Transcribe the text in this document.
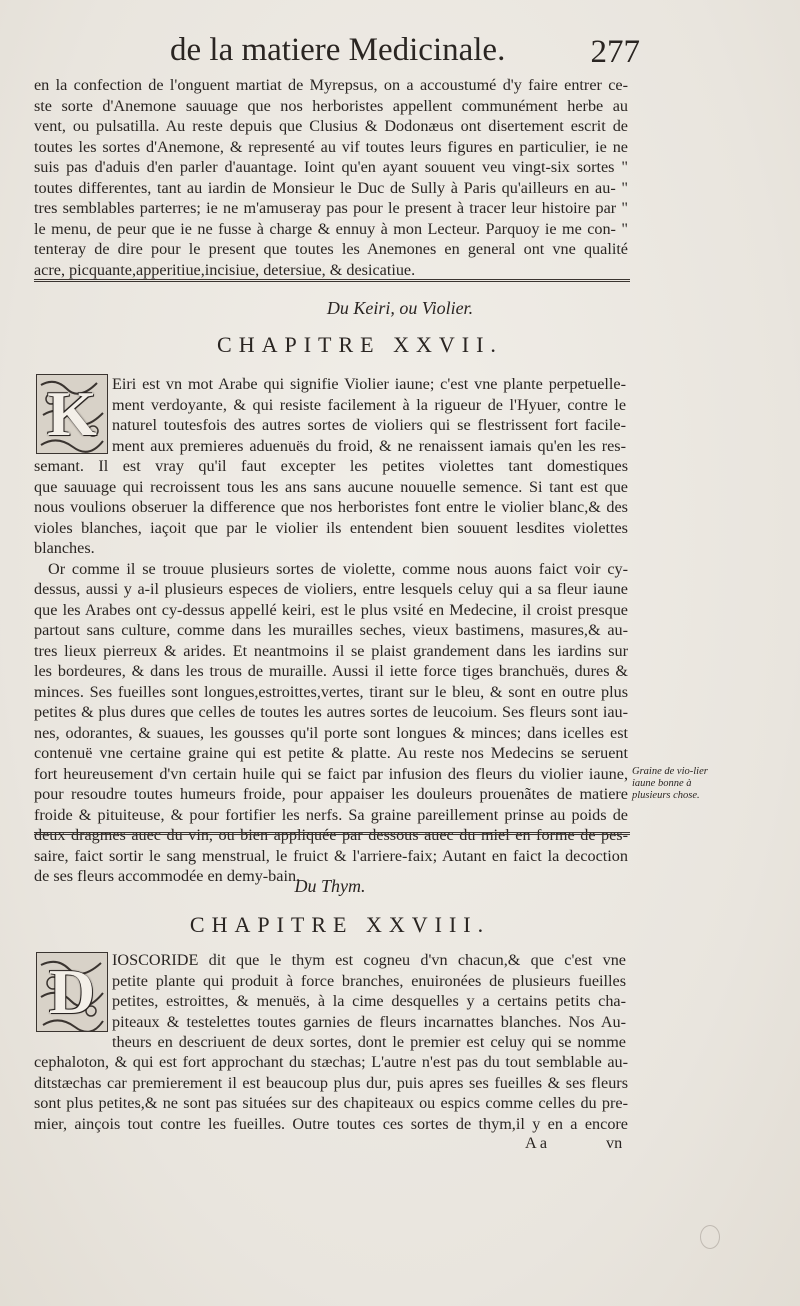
de la matiere Medicinale.	277
en la confection de l'onguent martiat de Myrepsus, on a accoustumé d'y faire entrer ce-
ste sorte d'Anemone sauuage que nos herboristes appellent communément herbe au
vent, ou pulsatilla. Au reste depuis que Clusius & Dodonæus ont disertement escrit de
toutes les sortes d'Anemone, & representé au vif toutes leurs figures en particulier, ie ne
suis pas d'aduis d'en parler d'auantage. Ioint qu'en ayant souuent veu vingt-six sortes "
toutes differentes, tant au iardin de Monsieur le Duc de Sully à Paris qu'ailleurs en au- "
tres semblables parterres; ie ne m'amuseray pas pour le present à tracer leur histoire par "
le menu, de peur que ie ne fusse à charge & ennuy à mon Lecteur. Parquoy ie me con- "
tenteray de dire pour le present que toutes les Anemones en general ont vne qualité
acre, picquante,apperitiue,incisiue, detersiue, & desicatiue.
Du Keiri, ou Violier.
CHAPITRE XXVII.
K Eiri est vn mot Arabe qui signifie Violier iaune; c'est vne plante perpetuelle-
ment verdoyante, & qui resiste facilement à la rigueur de l'Hyuer, contre le
naturel toutesfois des autres sortes de violiers qui se flestrissent fort facile-
ment aux premieres aduenuës du froid, & ne renaissent iamais qu'en les res-
semant. Il est vray qu'il faut excepter les petites violettes tant domestiques
que sauuage qui recroissent tous les ans sans aucune nouuelle semence. Si tant est que
nous voulions obseruer la difference que nos herboristes font entre le violier blanc,& des
violes blanches, iaçoit que par le violier ils entendent bien souuent lesdites violettes
blanches.
Or comme il se trouue plusieurs sortes de violette, comme nous auons faict voir cy-
dessus, aussi y a-il plusieurs especes de violiers, entre lesquels celuy qui a sa fleur iaune
que les Arabes ont cy-dessus appellé keiri, est le plus vsité en Medecine, il croist presque
partout sans culture, comme dans les murailles seches, vieux bastimens, masures,& au-
tres lieux pierreux & arides. Et neantmoins il se plaist grandement dans les iardins sur
les bordeures, & dans les trous de muraille. Aussi il iette force tiges branchuës, dures &
minces. Ses fueilles sont longues,estroittes,vertes, tirant sur le bleu, & sont en outre plus
petites & plus dures que celles de toutes les autres sortes de leucoium. Ses fleurs sont iau-
nes, odorantes, & suaues, les gousses qu'il porte sont longues & minces; dans icelles est
contenuë vne certaine graine qui est petite & platte. Au reste nos Medecins se seruent
fort heureusement d'vn certain huile qui se faict par infusion des fleurs du violier iaune,
pour resoudre toutes humeurs froide, pour appaiser les douleurs prouenãtes de matiere
froide & pituiteuse, & pour fortifier les nerfs. Sa graine pareillement prinse au poids de
deux dragmes auec du vin, ou bien appliquée par dessous auec du miel en forme de pes-
saire, faict sortir le sang menstrual, le fruict & l'arriere-faix; Autant en faict la decoction
de ses fleurs accommodée en demy-bain.
Graine de vio-lier iaune bonne à plusieurs chose.
Du Thym.
CHAPITRE XXVIII.
D	IOSCORIDE dit que le thym est cogneu d'vn chacun,& que c'est vne
petite plante qui produit à force branches, enuironées de plusieurs fueilles
petites, estroittes, & menuës, à la cime desquelles y a certains petits cha-
piteaux & testelettes toutes garnies de fleurs incarnattes blanches. Nos Au-
theurs en descriuent de deux sortes, dont le premier est celuy qui se nomme
cephaloton, & qui est fort approchant du stæchas; L'autre n'est pas du tout semblable au-
ditstæchas car premierement il est beaucoup plus dur, puis apres ses fueilles & ses fleurs
sont plus petites,& ne sont pas situées sur des chapiteaux ou espics comme celles du pre-
mier, ainçois tout contre les fueilles. Outre toutes ces sortes de thym,il y en a encore
A a	vn
